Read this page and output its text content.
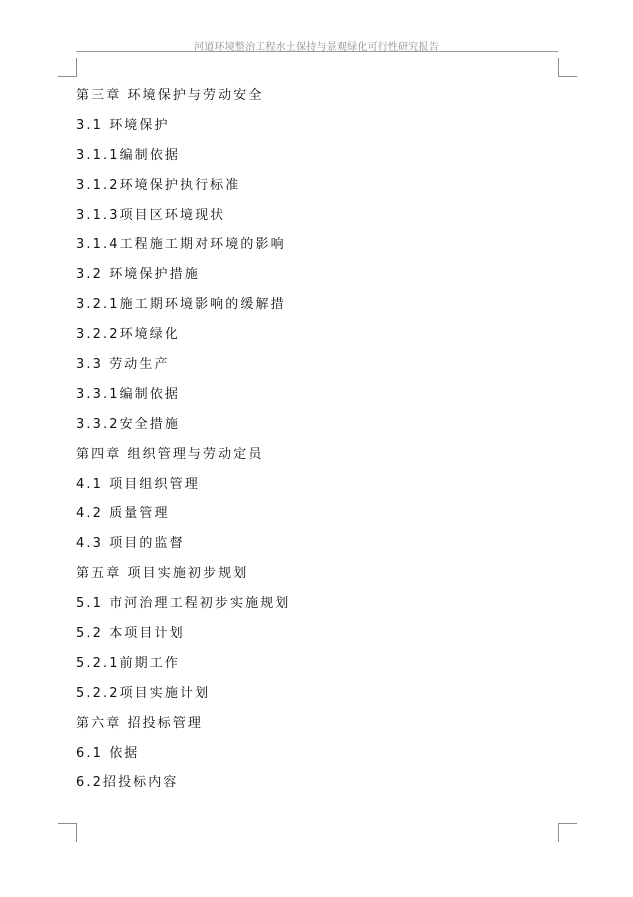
河道环境整治工程水土保持与景观绿化可行性研究报告
第三章 环境保护与劳动安全
3.1 环境保护
3.1.1编制依据
3.1.2环境保护执行标准
3.1.3项目区环境现状
3.1.4工程施工期对环境的影响
3.2 环境保护措施
3.2.1施工期环境影响的缓解措
3.2.2环境绿化
3.3 劳动生产
3.3.1编制依据
3.3.2安全措施
第四章 组织管理与劳动定员
4.1 项目组织管理
4.2 质量管理
4.3 项目的监督
第五章 项目实施初步规划
5.1 市河治理工程初步实施规划
5.2 本项目计划
5.2.1前期工作
5.2.2项目实施计划
第六章 招投标管理
6.1 依据
6.2招投标内容
